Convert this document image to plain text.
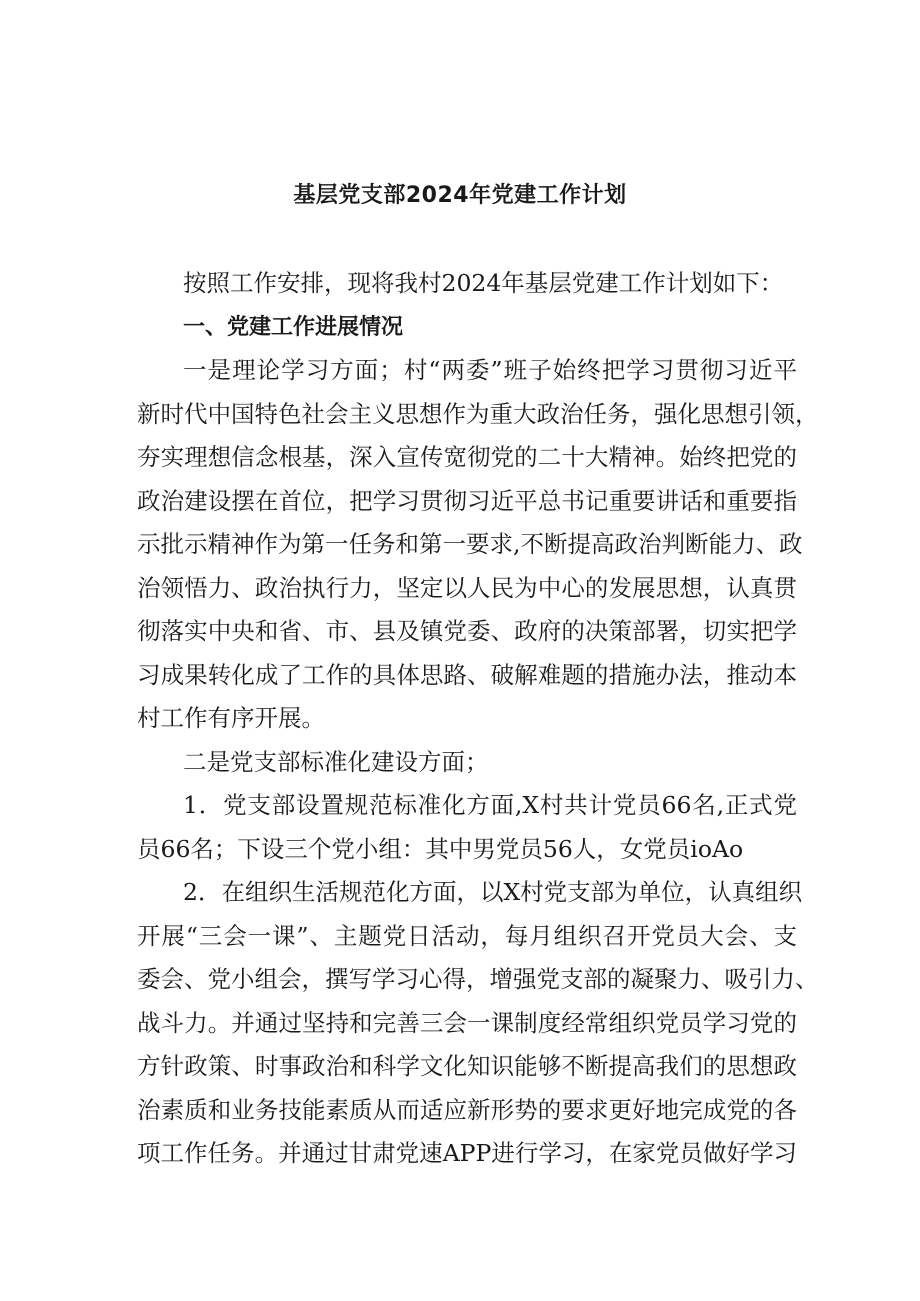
基层党支部2024年党建工作计划
按照工作安排，现将我村2024年基层党建工作计划如下：
一、党建工作进展情况
一是理论学习方面；村“两委”班子始终把学习贯彻习近平
新时代中国特色社会主义思想作为重大政治任务，强化思想引领，
夯实理想信念根基，深入宣传宽彻党的二十大精神。始终把党的
政治建设摆在首位，把学习贯彻习近平总书记重要讲话和重要指
示批示精神作为第一任务和第一要求,不断提高政治判断能力、政
治领悟力、政治执行力，坚定以人民为中心的发展思想，认真贯
彻落实中央和省、市、县及镇党委、政府的决策部署，切实把学
习成果转化成了工作的具体思路、破解难题的措施办法，推动本
村工作有序开展。
二是党支部标准化建设方面；
1．党支部设置规范标准化方面,X村共计党员66名,正式党
员66名；下设三个党小组：其中男党员56人，女党员ioAo
2．在组织生活规范化方面，以X村党支部为单位，认真组织
开展“三会一课”、主题党日活动，每月组织召开党员大会、支
委会、党小组会，撰写学习心得，增强党支部的凝聚力、吸引力、
战斗力。并通过坚持和完善三会一课制度经常组织党员学习党的
方针政策、时事政治和科学文化知识能够不断提高我们的思想政
治素质和业务技能素质从而适应新形势的要求更好地完成党的各
项工作任务。并通过甘肃党速APP进行学习，在家党员做好学习
